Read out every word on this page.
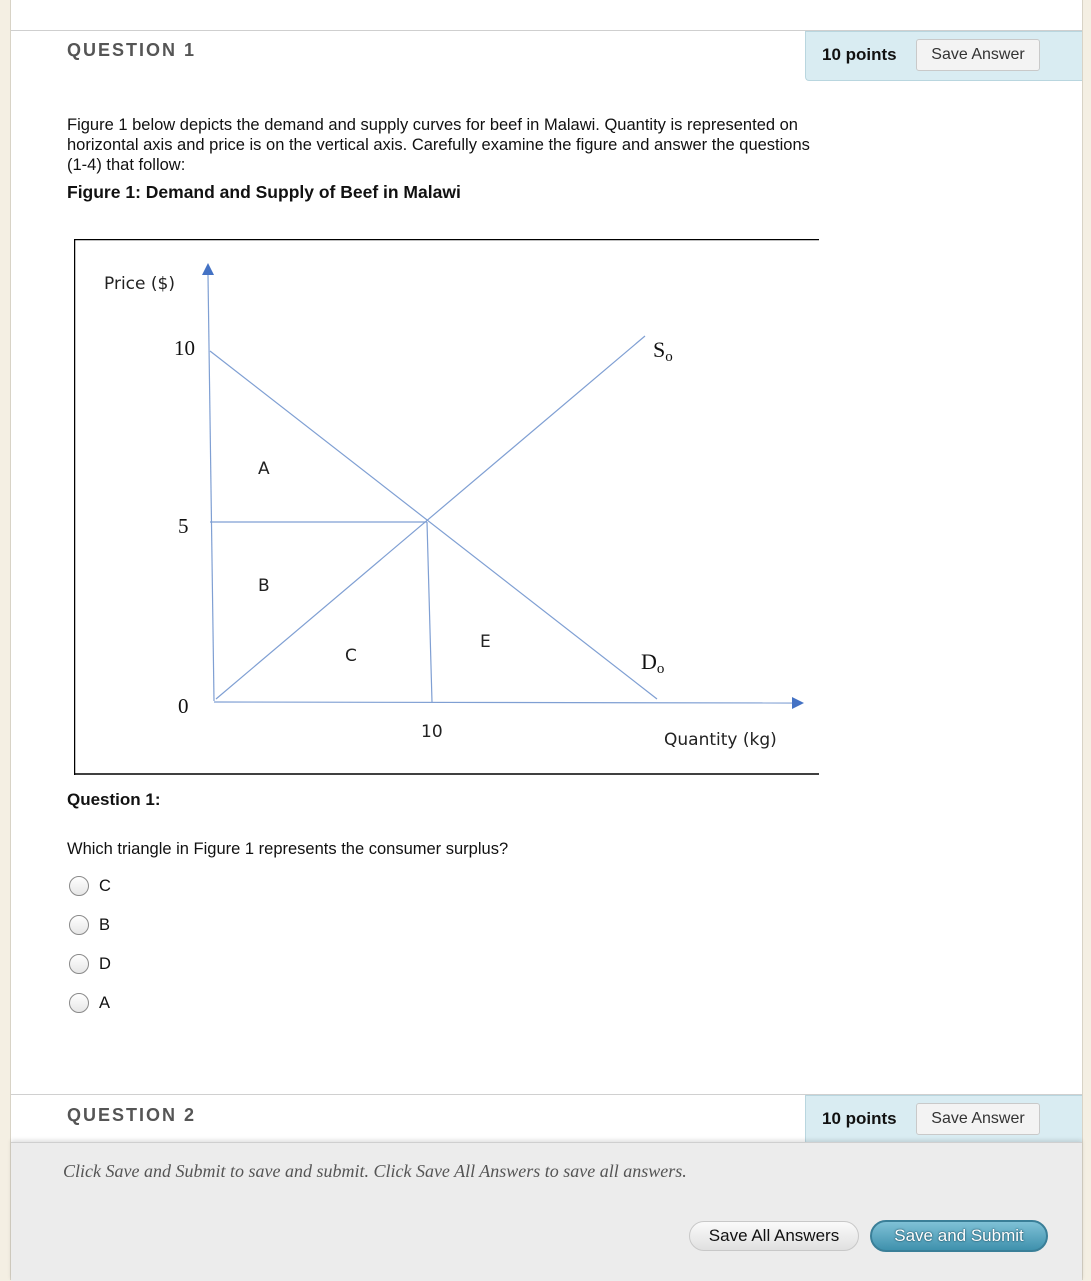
QUESTION 1	10 points	Save Answer

Figure 1 below depicts the demand and supply curves for beef in Malawi. Quantity is represented on horizontal axis and price is on the vertical axis. Carefully examine the figure and answer the questions (1-4) that follow:

Figure 1: Demand and Supply of Beef in Malawi

Price ($)
Quantity (kg)
10
5
0
10
So
Do
A
B
C
E
Question 1:
Which triangle in Figure 1 represents the consumer surplus?
C
B
D
A
QUESTION 2	10 points	Save Answer
Click Save and Submit to save and submit. Click Save All Answers to save all answers.
Save All Answers	Save and Submit
